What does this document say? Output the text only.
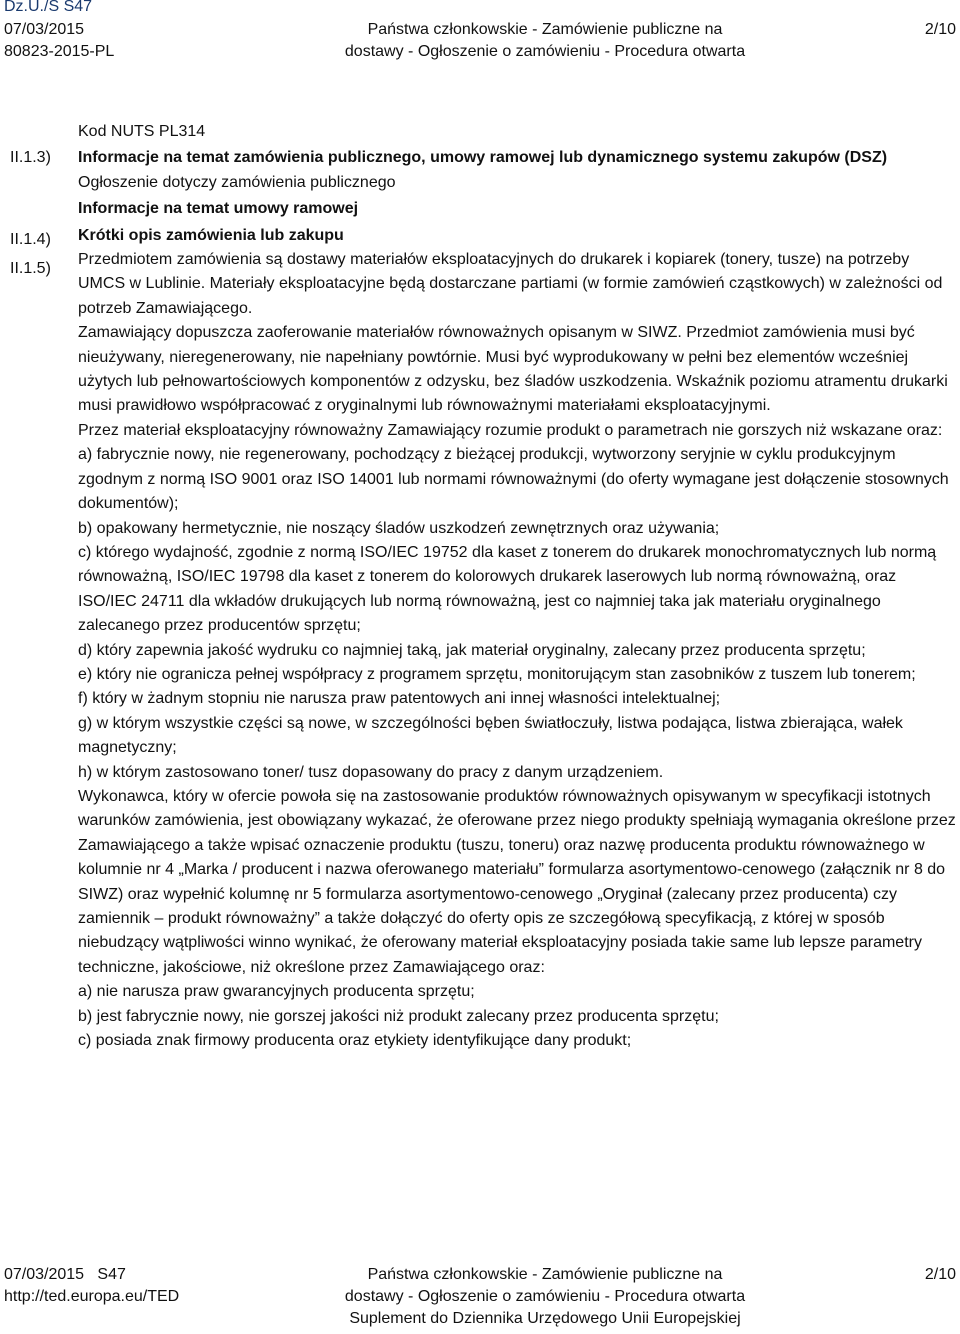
Dz.U./S S47
07/03/2015
80823-2015-PL
Państwa członkowskie - Zamówienie publiczne na
dostawy - Ogłoszenie o zamówieniu - Procedura otwarta
2/10
II.1.3)
II.1.4)
II.1.5)

Kod NUTS PL314

Informacje na temat zamówienia publicznego, umowy ramowej lub dynamicznego systemu zakupów (DSZ)

Ogłoszenie dotyczy zamówienia publicznego

Informacje na temat umowy ramowej

Krótki opis zamówienia lub zakupu

Przedmiotem zamówienia są dostawy materiałów eksploatacyjnych do drukarek i kopiarek (tonery, tusze) na potrzeby UMCS w Lublinie. Materiały eksploatacyjne będą dostarczane partiami (w formie zamówień cząstkowych) w zależności od potrzeb Zamawiającego.

Zamawiający dopuszcza zaoferowanie materiałów równoważnych opisanym w SIWZ. Przedmiot zamówienia musi być nieużywany, nieregenerowany, nie napełniany powtórnie. Musi być wyprodukowany w pełni bez elementów wcześniej użytych lub pełnowartościowych komponentów z odzysku, bez śladów uszkodzenia. Wskaźnik poziomu atramentu drukarki musi prawidłowo współpracować z oryginalnymi lub równoważnymi materiałami eksploatacyjnymi.

Przez materiał eksploatacyjny równoważny Zamawiający rozumie produkt o parametrach nie gorszych niż wskazane oraz:

a) fabrycznie nowy, nie regenerowany, pochodzący z bieżącej produkcji, wytworzony seryjnie w cyklu produkcyjnym zgodnym z normą ISO 9001 oraz ISO 14001 lub normami równoważnymi (do oferty wymagane jest dołączenie stosownych dokumentów);

b) opakowany hermetycznie, nie noszący śladów uszkodzeń zewnętrznych oraz używania;

c) którego wydajność, zgodnie z normą ISO/IEC 19752 dla kaset z tonerem do drukarek monochromatycznych lub normą równoważną, ISO/IEC 19798 dla kaset z tonerem do kolorowych drukarek laserowych lub normą równoważną, oraz ISO/IEC 24711 dla wkładów drukujących lub normą równoważną, jest co najmniej taka jak materiału oryginalnego zalecanego przez producentów sprzętu;

d) który zapewnia jakość wydruku co najmniej taką, jak materiał oryginalny, zalecany przez producenta sprzętu;

e) który nie ogranicza pełnej współpracy z programem sprzętu, monitorującym stan zasobników z tuszem lub tonerem;

f) który w żadnym stopniu nie narusza praw patentowych ani innej własności intelektualnej;

g) w którym wszystkie części są nowe, w szczególności bęben światłoczuły, listwa podająca, listwa zbierająca, wałek magnetyczny;

h) w którym zastosowano toner/ tusz dopasowany do pracy z danym urządzeniem.

Wykonawca, który w ofercie powoła się na zastosowanie produktów równoważnych opisywanym w specyfikacji istotnych warunków zamówienia, jest obowiązany wykazać, że oferowane przez niego produkty spełniają wymagania określone przez Zamawiającego a także wpisać oznaczenie produktu (tuszu, toneru) oraz nazwę producenta produktu równoważnego w kolumnie nr 4 „Marka / producent i nazwa oferowanego materiału” formularza asortymentowo-cenowego (załącznik nr 8 do SIWZ) oraz wypełnić kolumnę nr 5 formularza asortymentowo-cenowego „Oryginał (zalecany przez producenta) czy zamiennik – produkt równoważny” a także dołączyć do oferty opis ze szczegółową specyfikacją, z której w sposób niebudzący wątpliwości winno wynikać, że oferowany materiał eksploatacyjny posiada takie same lub lepsze parametry techniczne, jakościowe, niż określone przez Zamawiającego oraz:

a) nie narusza praw gwarancyjnych producenta sprzętu;

b) jest fabrycznie nowy, nie gorszej jakości niż produkt zalecany przez producenta sprzętu;

c) posiada znak firmowy producenta oraz etykiety identyfikujące dany produkt;

07/03/2015 S47
http://ted.europa.eu/TED
Państwa członkowskie - Zamówienie publiczne na
dostawy - Ogłoszenie o zamówieniu - Procedura otwarta
Suplement do Dziennika Urzędowego Unii Europejskiej
2/10
